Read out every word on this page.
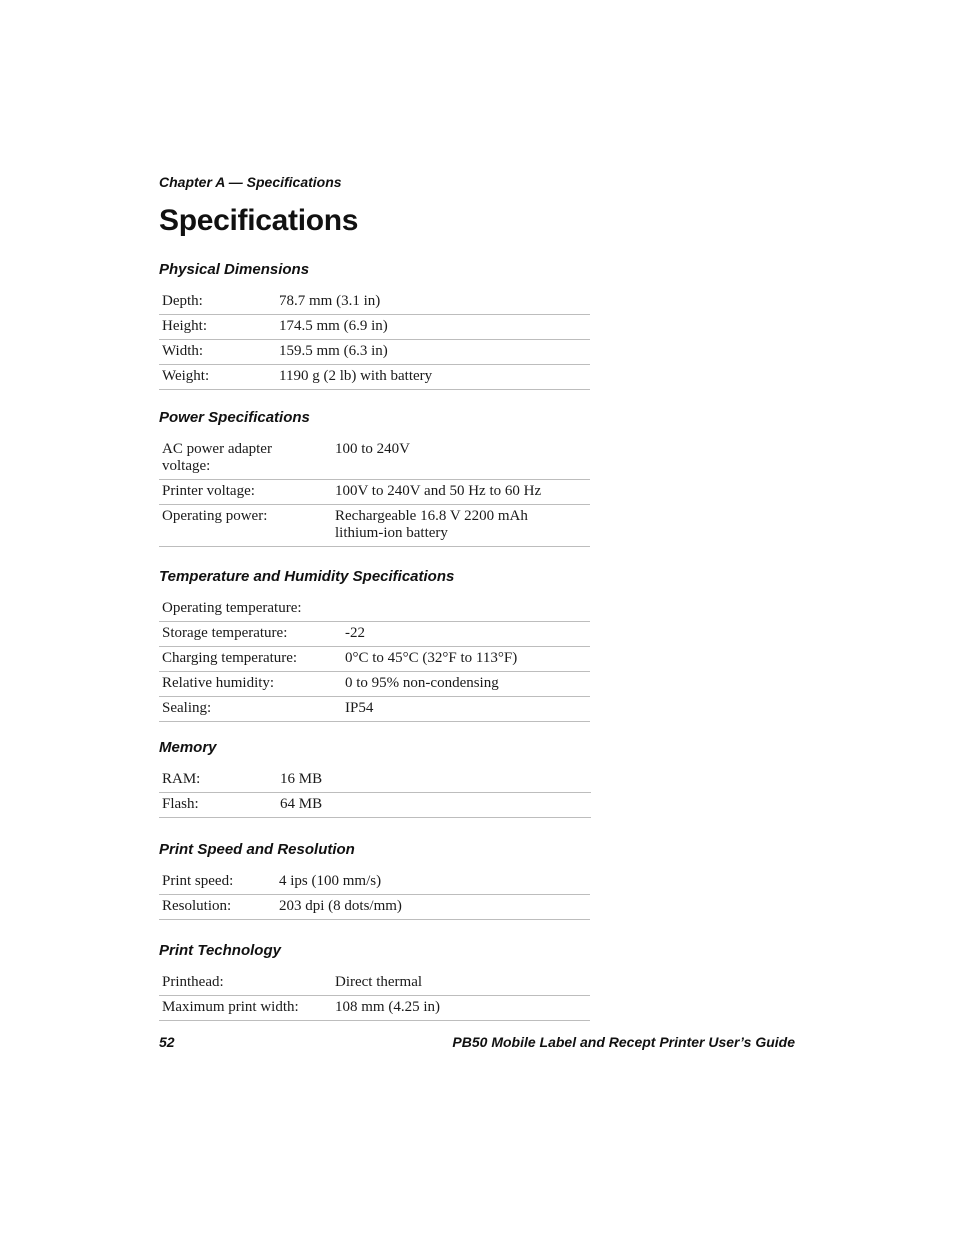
Chapter A — Specifications
Specifications
Physical Dimensions
Depth:	78.7 mm (3.1 in)
Height:	174.5 mm (6.9 in)
Width:	159.5 mm (6.3 in)
Weight:	1190 g (2 lb) with battery
Power Specifications
AC power adapter voltage:	100 to 240V
Printer voltage:	100V to 240V and 50 Hz to 60 Hz
Operating power:	Rechargeable 16.8 V 2200 mAh lithium-ion battery
Temperature and Humidity Specifications
Operating temperature:	
Storage temperature:	-22
Charging temperature:	0°C to 45°C (32°F to 113°F)
Relative humidity:	0 to 95% non-condensing
Sealing:	IP54
Memory
RAM:	16 MB
Flash:	64 MB
Print Speed and Resolution
Print speed:	4 ips (100 mm/s)
Resolution:	203 dpi (8 dots/mm)
Print Technology
Printhead:	Direct thermal
Maximum print width:	108 mm (4.25 in)
52	PB50 Mobile Label and Recept Printer User’s Guide
